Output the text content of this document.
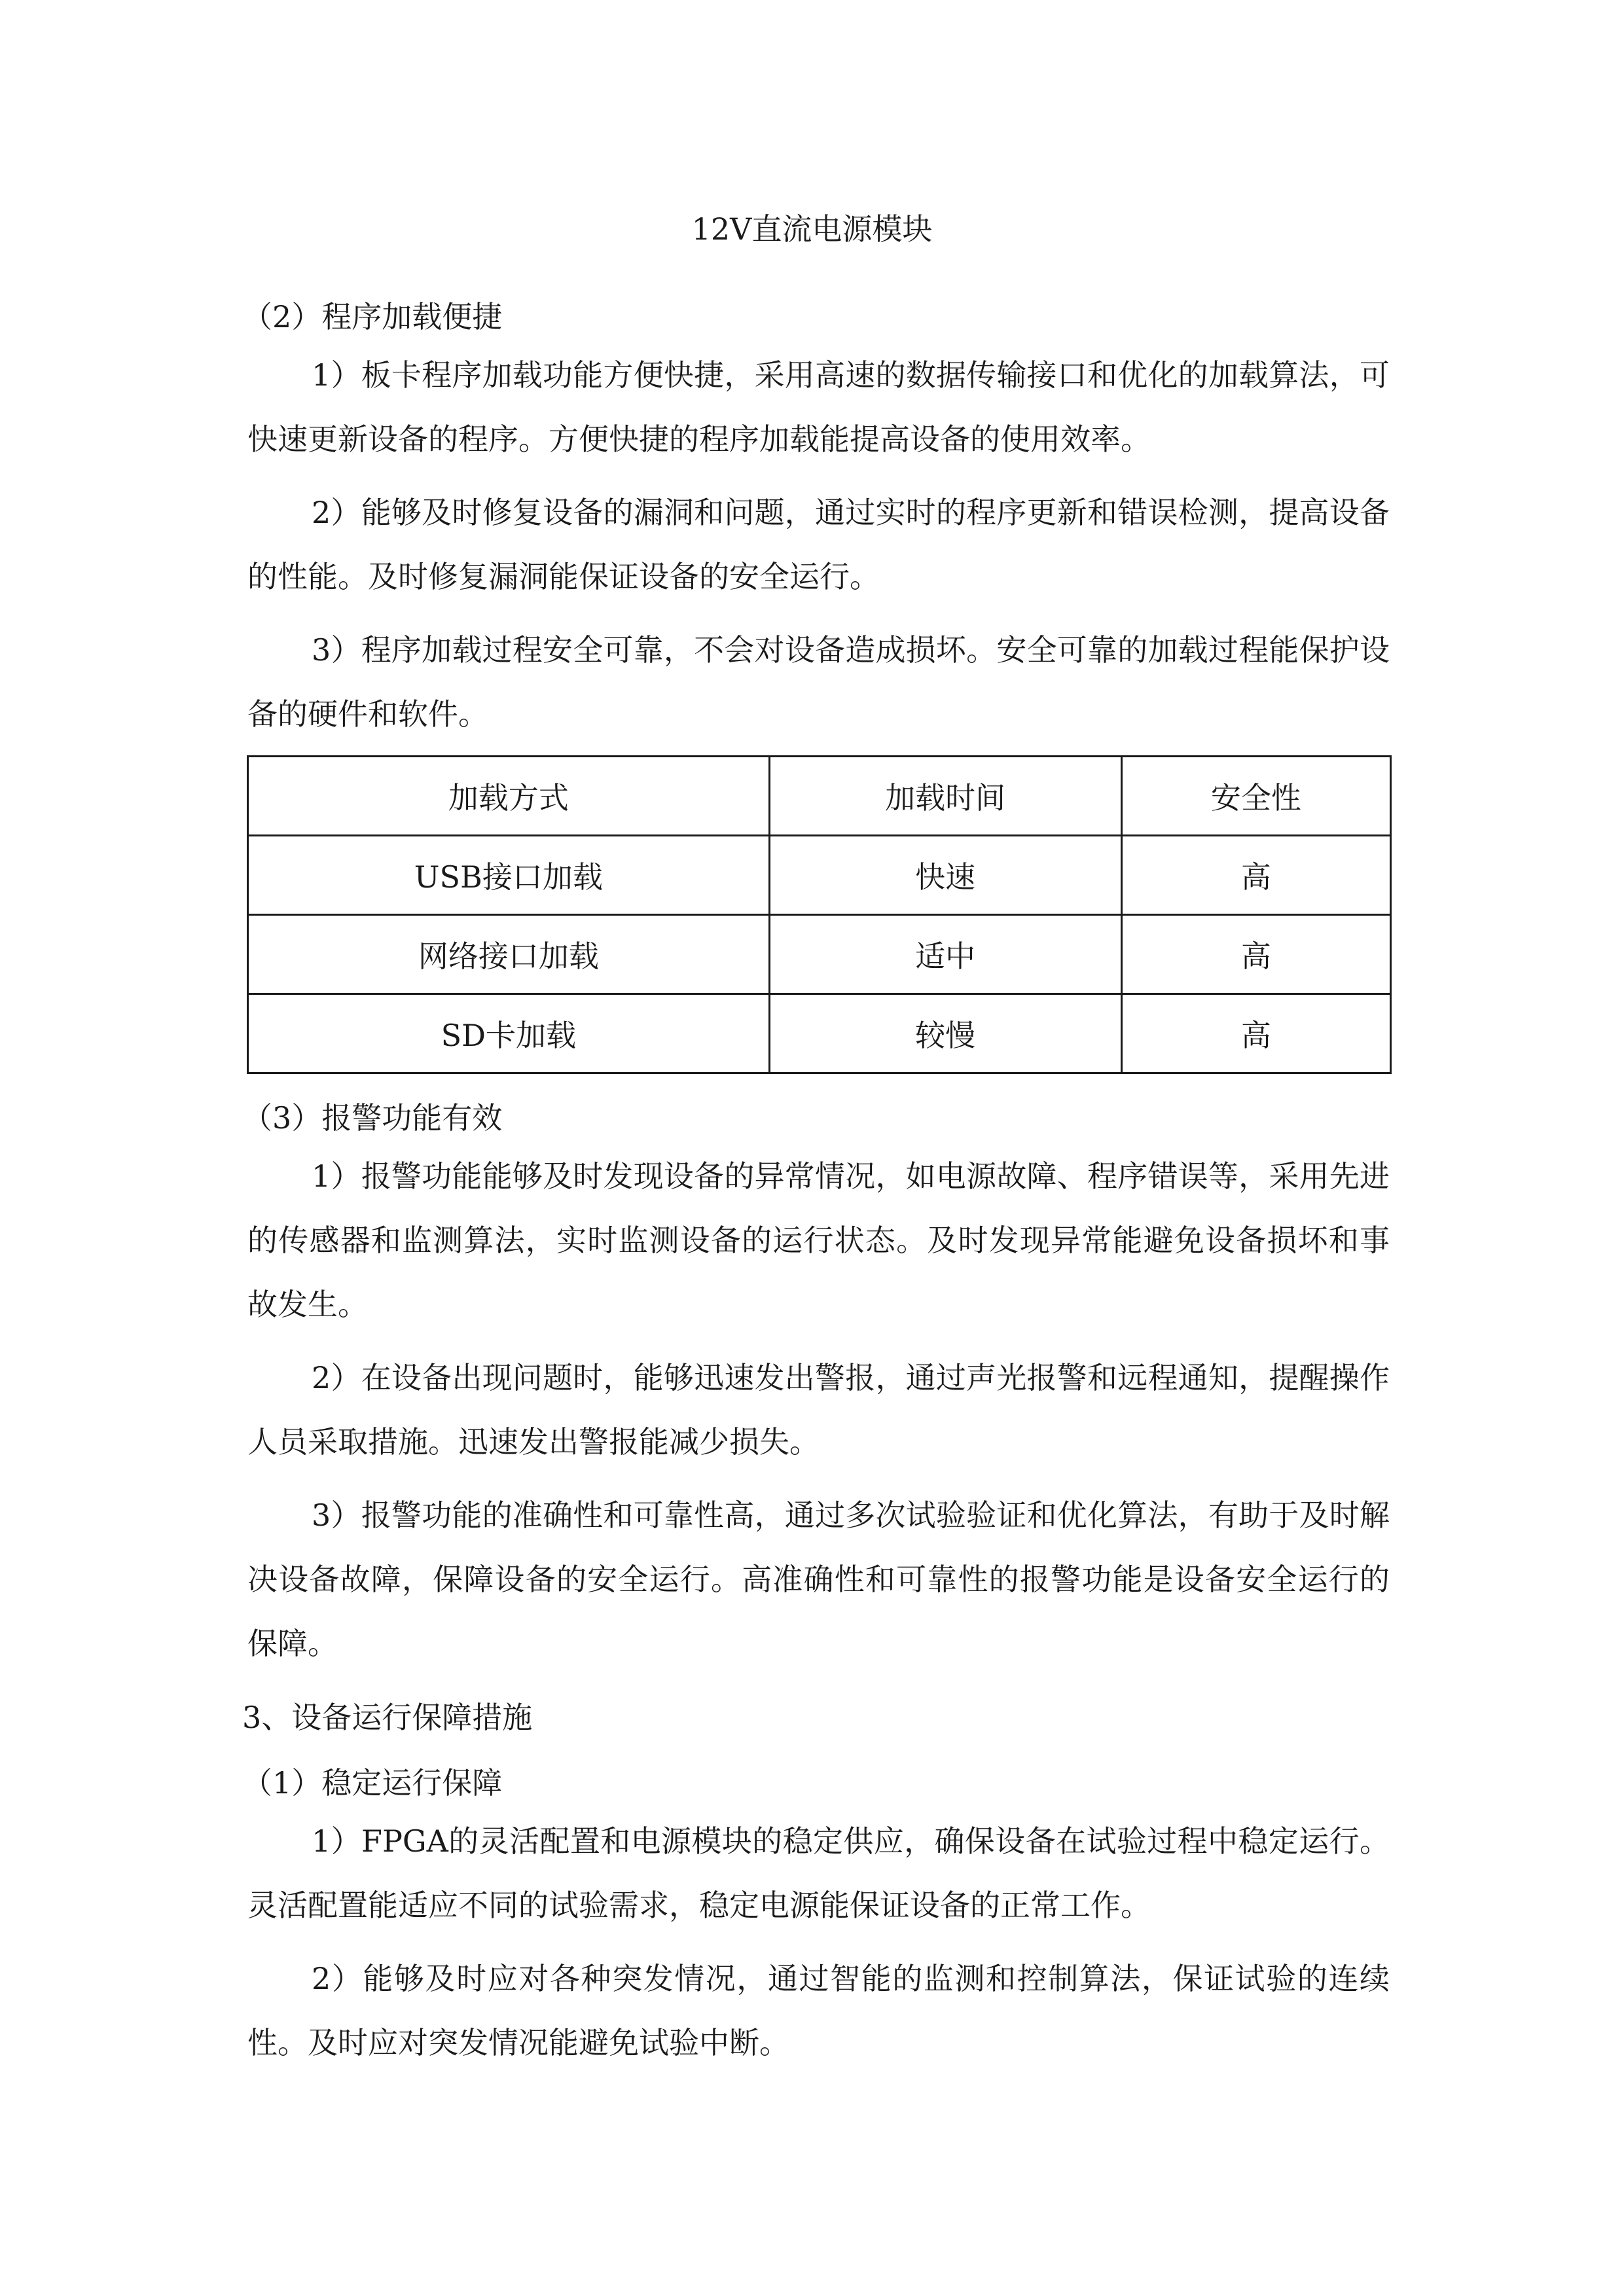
12V直流电源模块
（2）程序加载便捷

1）板卡程序加载功能方便快捷，采用高速的数据传输接口和优化的加载算法，可快速更新设备的程序。方便快捷的程序加载能提高设备的使用效率。

2）能够及时修复设备的漏洞和问题，通过实时的程序更新和错误检测，提高设备的性能。及时修复漏洞能保证设备的安全运行。

3）程序加载过程安全可靠，不会对设备造成损坏。安全可靠的加载过程能保护设备的硬件和软件。

加载方式	加载时间	安全性
USB接口加载	快速	高
网络接口加载	适中	高
SD卡加载	较慢	高
（3）报警功能有效

1）报警功能能够及时发现设备的异常情况，如电源故障、程序错误等，采用先进的传感器和监测算法，实时监测设备的运行状态。及时发现异常能避免设备损坏和事故发生。

2）在设备出现问题时，能够迅速发出警报，通过声光报警和远程通知，提醒操作人员采取措施。迅速发出警报能减少损失。

3）报警功能的准确性和可靠性高，通过多次试验验证和优化算法，有助于及时解决设备故障，保障设备的安全运行。高准确性和可靠性的报警功能是设备安全运行的保障。

3、设备运行保障措施
（1）稳定运行保障

1）FPGA的灵活配置和电源模块的稳定供应，确保设备在试验过程中稳定运行。灵活配置能适应不同的试验需求，稳定电源能保证设备的正常工作。

2）能够及时应对各种突发情况，通过智能的监测和控制算法，保证试验的连续性。及时应对突发情况能避免试验中断。
